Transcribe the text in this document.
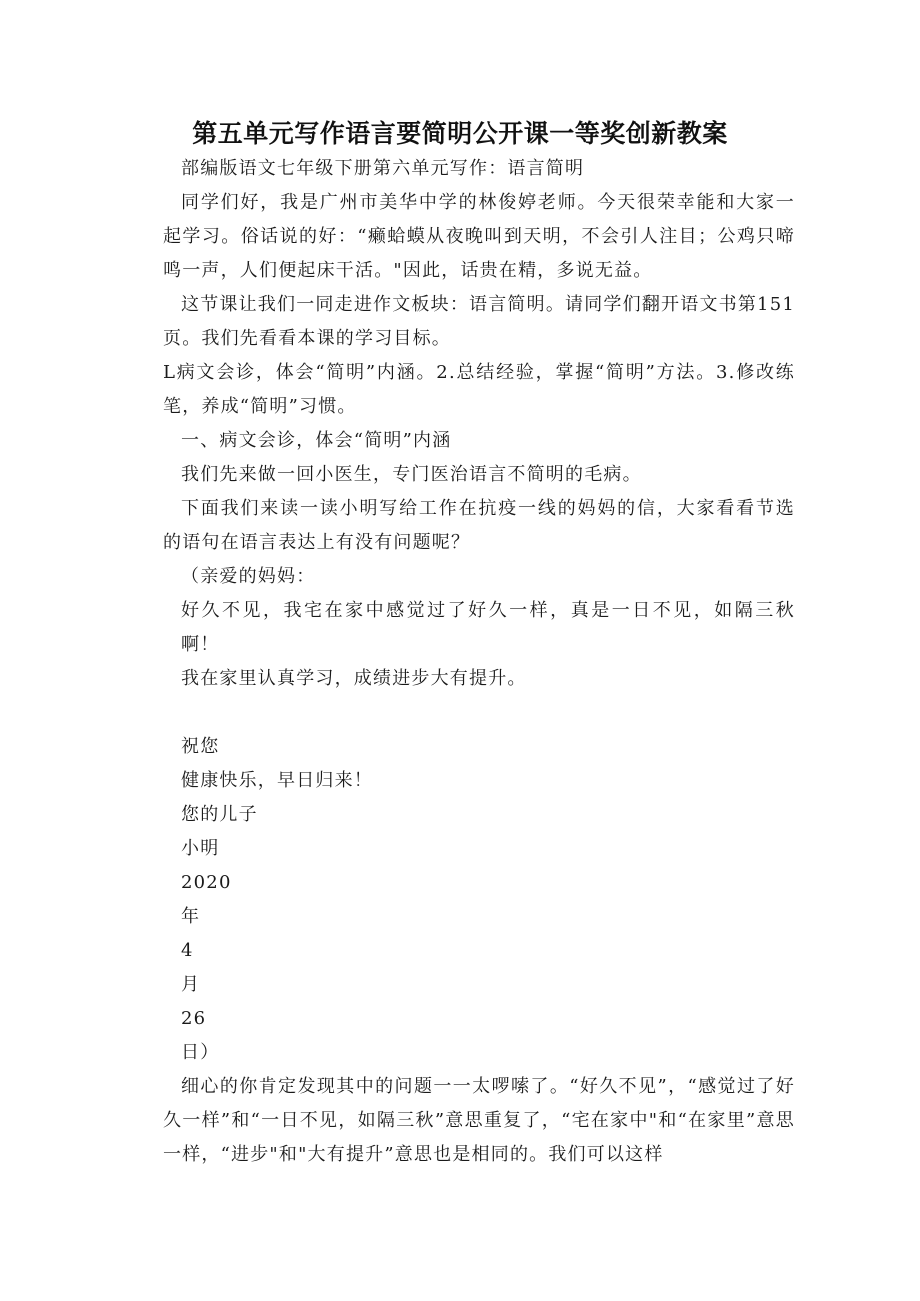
第五单元写作语言要简明公开课一等奖创新教案

部编版语文七年级下册第六单元写作：语言简明

同学们好，我是广州市美华中学的林俊婷老师。今天很荣幸能和大家一起学习。俗话说的好：“癞蛤蟆从夜晚叫到天明，不会引人注目；公鸡只啼鸣一声，人们便起床干活。"因此，话贵在精，多说无益。

这节课让我们一同走进作文板块：语言简明。请同学们翻开语文书第151页。我们先看看本课的学习目标。

L病文会诊，体会“简明”内涵。2.总结经验，掌握“简明”方法。3.修改练笔，养成“简明”习惯。

一、病文会诊，体会“简明”内涵

我们先来做一回小医生，专门医治语言不简明的毛病。

下面我们来读一读小明写给工作在抗疫一线的妈妈的信，大家看看节选的语句在语言表达上有没有问题呢？

（亲爱的妈妈：

好久不见，我宅在家中感觉过了好久一样，真是一日不见，如隔三秋啊！

我在家里认真学习，成绩进步大有提升。

祝您

健康快乐，早日归来！

您的儿子

小明

2020

年

4

月

26

日）

细心的你肯定发现其中的问题一一太啰嗦了。“好久不见”，“感觉过了好久一样”和“一日不见，如隔三秋”意思重复了，“宅在家中"和“在家里”意思一样，“进步"和"大有提升”意思也是相同的。我们可以这样
